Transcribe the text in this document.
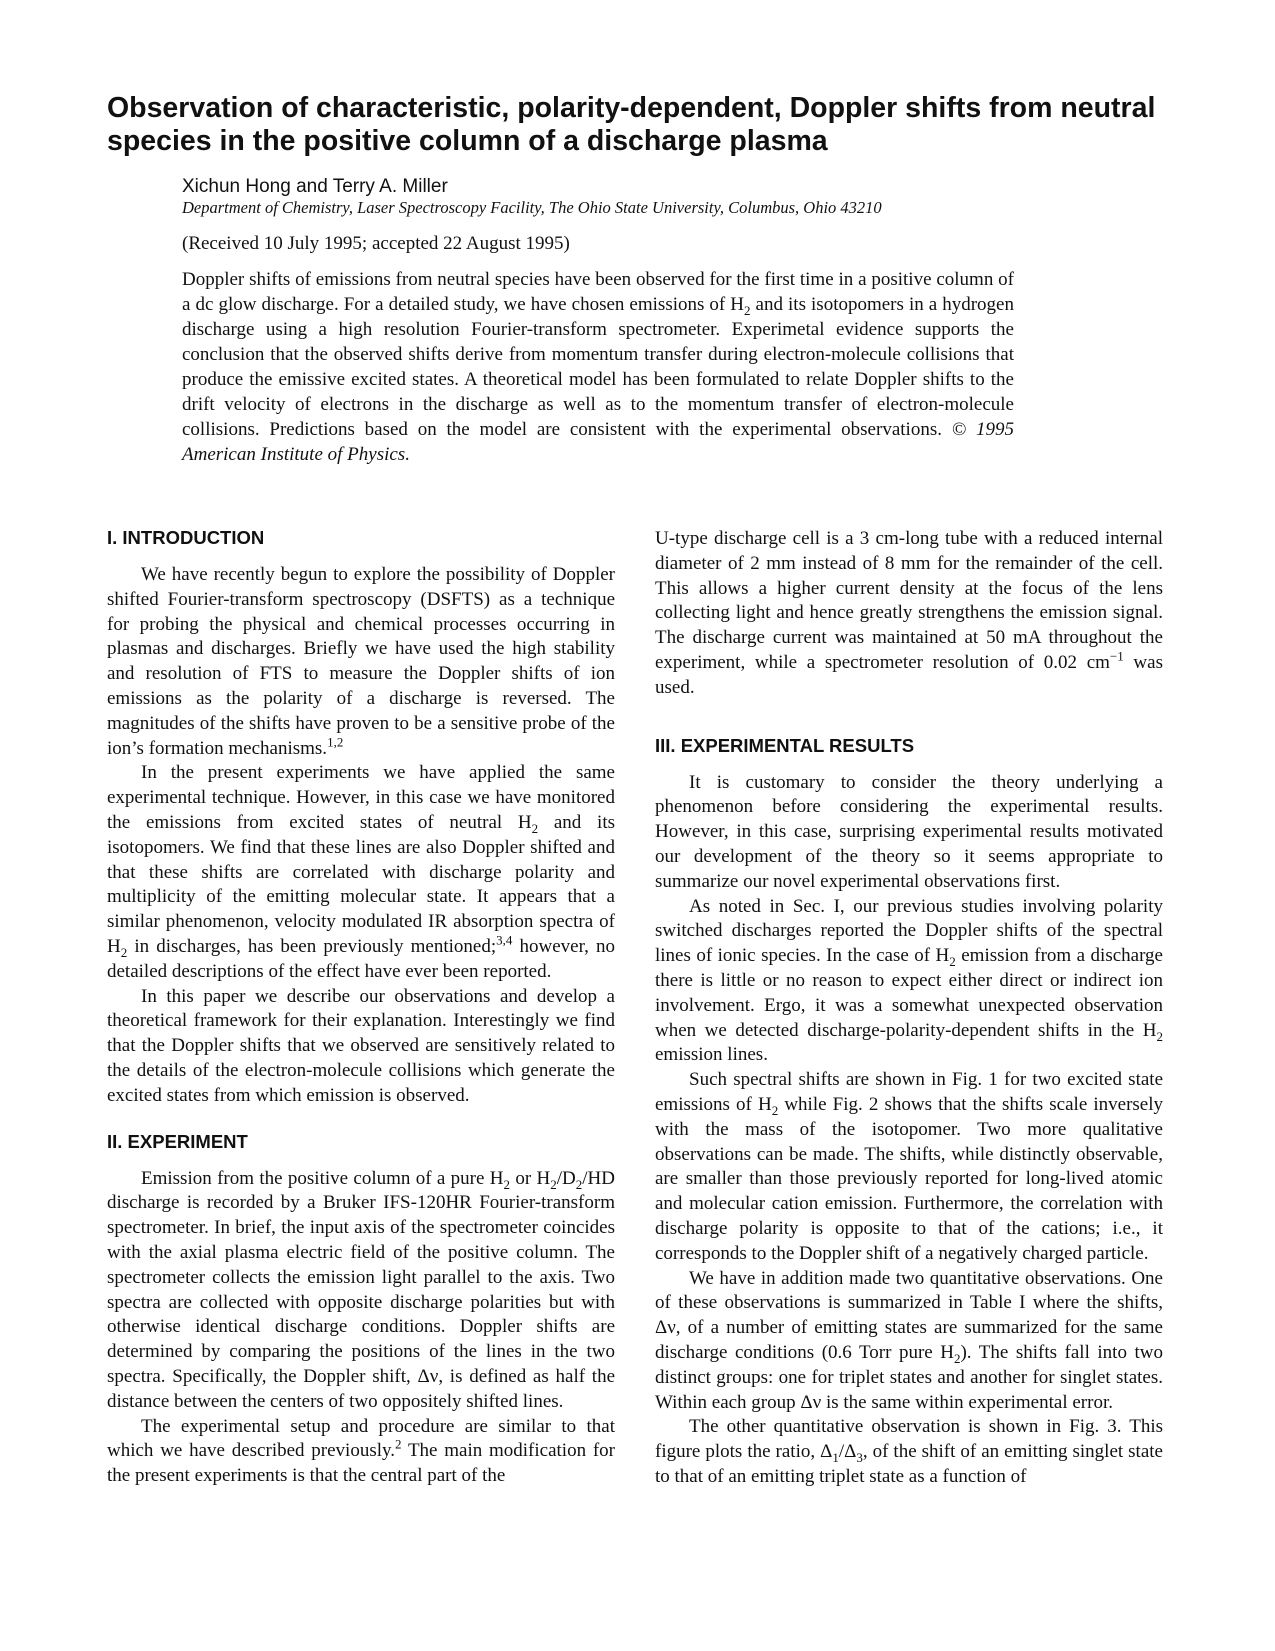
Observation of characteristic, polarity-dependent, Doppler shifts from neutral species in the positive column of a discharge plasma

Xichun Hong and Terry A. Miller

Department of Chemistry, Laser Spectroscopy Facility, The Ohio State University, Columbus, Ohio 43210

(Received 10 July 1995; accepted 22 August 1995)

Doppler shifts of emissions from neutral species have been observed for the first time in a positive column of a dc glow discharge. For a detailed study, we have chosen emissions of $H_2$ and its isotopomers in a hydrogen discharge using a high resolution Fourier-transform spectrometer. Experimetal evidence supports the conclusion that the observed shifts derive from momentum transfer during electron-molecule collisions that produce the emissive excited states. A theoretical model has been formulated to relate Doppler shifts to the drift velocity of electrons in the discharge as well as to the momentum transfer of electron-molecule collisions. Predictions based on the model are consistent with the experimental observations. © 1995 American Institute of Physics.

I. INTRODUCTION

We have recently begun to explore the possibility of Doppler shifted Fourier-transform spectroscopy (DSFTS) as a technique for probing the physical and chemical processes occurring in plasmas and discharges. Briefly we have used the high stability and resolution of FTS to measure the Doppler shifts of ion emissions as the polarity of a discharge is reversed. The magnitudes of the shifts have proven to be a sensitive probe of the ion’s formation mechanisms.$^{1,2}$

In the present experiments we have applied the same experimental technique. However, in this case we have monitored the emissions from excited states of neutral $H_2$ and its isotopomers. We find that these lines are also Doppler shifted and that these shifts are correlated with discharge polarity and multiplicity of the emitting molecular state. It appears that a similar phenomenon, velocity modulated IR absorption spectra of $H_2$ in discharges, has been previously mentioned;$^{3,4}$ however, no detailed descriptions of the effect have ever been reported.

In this paper we describe our observations and develop a theoretical framework for their explanation. Interestingly we find that the Doppler shifts that we observed are sensitively related to the details of the electron-molecule collisions which generate the excited states from which emission is observed.

II. EXPERIMENT

Emission from the positive column of a pure $H_2$ or $H_2/D_2/HD$ discharge is recorded by a Bruker IFS-120HR Fourier-transform spectrometer. In brief, the input axis of the spectrometer coincides with the axial plasma electric field of the positive column. The spectrometer collects the emission light parallel to the axis. Two spectra are collected with opposite discharge polarities but with otherwise identical discharge conditions. Doppler shifts are determined by comparing the positions of the lines in the two spectra. Specifically, the Doppler shift, Δν, is defined as half the distance between the centers of two oppositely shifted lines.

The experimental setup and procedure are similar to that which we have described previously.$^2$ The main modification for the present experiments is that the central part of the

U-type discharge cell is a 3 cm-long tube with a reduced internal diameter of 2 mm instead of 8 mm for the remainder of the cell. This allows a higher current density at the focus of the lens collecting light and hence greatly strengthens the emission signal. The discharge current was maintained at 50 mA throughout the experiment, while a spectrometer resolution of 0.02 $cm^{-1}$ was used.

III. EXPERIMENTAL RESULTS

It is customary to consider the theory underlying a phenomenon before considering the experimental results. However, in this case, surprising experimental results motivated our development of the theory so it seems appropriate to summarize our novel experimental observations first.

As noted in Sec. I, our previous studies involving polarity switched discharges reported the Doppler shifts of the spectral lines of ionic species. In the case of $H_2$ emission from a discharge there is little or no reason to expect either direct or indirect ion involvement. Ergo, it was a somewhat unexpected observation when we detected discharge-polarity-dependent shifts in the $H_2$ emission lines.

Such spectral shifts are shown in Fig. 1 for two excited state emissions of $H_2$ while Fig. 2 shows that the shifts scale inversely with the mass of the isotopomer. Two more qualitative observations can be made. The shifts, while distinctly observable, are smaller than those previously reported for long-lived atomic and molecular cation emission. Furthermore, the correlation with discharge polarity is opposite to that of the cations; i.e., it corresponds to the Doppler shift of a negatively charged particle.

We have in addition made two quantitative observations. One of these observations is summarized in Table I where the shifts, Δν, of a number of emitting states are summarized for the same discharge conditions (0.6 Torr pure $H_2$). The shifts fall into two distinct groups: one for triplet states and another for singlet states. Within each group Δν is the same within experimental error.

The other quantitative observation is shown in Fig. 3. This figure plots the ratio, $\Delta_1/\Delta_3$, of the shift of an emitting singlet state to that of an emitting triplet state as a function of
